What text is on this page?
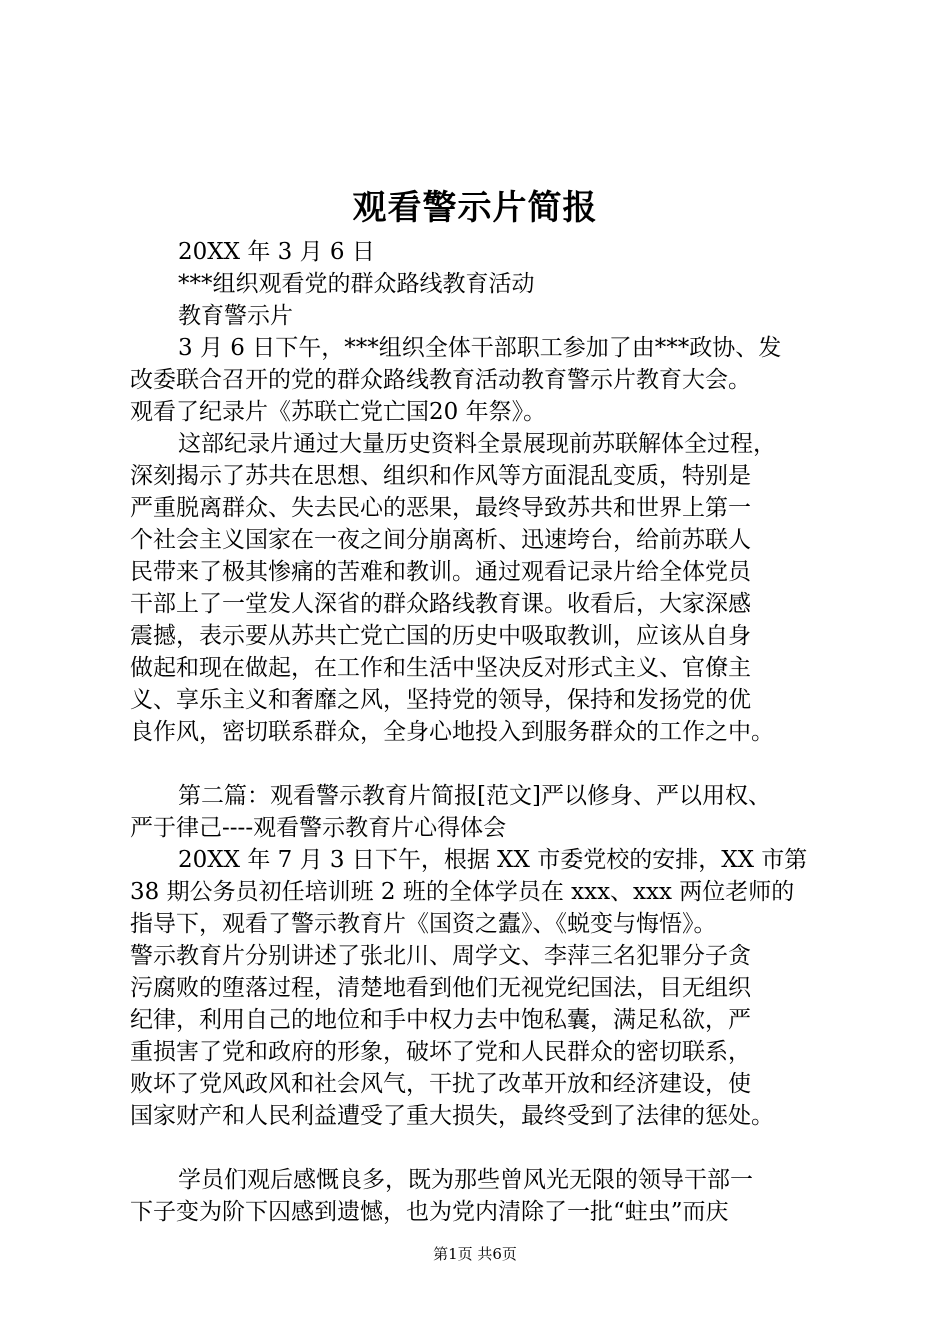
观看警示片简报
20XX 年 3 月 6 日
***组织观看党的群众路线教育活动
教育警示片
3 月 6 日下午，***组织全体干部职工参加了由***政协、发
改委联合召开的党的群众路线教育活动教育警示片教育大会。
观看了纪录片《苏联亡党亡国20 年祭》。
这部纪录片通过大量历史资料全景展现前苏联解体全过程，
深刻揭示了苏共在思想、组织和作风等方面混乱变质，特别是
严重脱离群众、失去民心的恶果，最终导致苏共和世界上第一
个社会主义国家在一夜之间分崩离析、迅速垮台，给前苏联人
民带来了极其惨痛的苦难和教训。通过观看记录片给全体党员
干部上了一堂发人深省的群众路线教育课。收看后，大家深感
震撼，表示要从苏共亡党亡国的历史中吸取教训，应该从自身
做起和现在做起，在工作和生活中坚决反对形式主义、官僚主
义、享乐主义和奢靡之风，坚持党的领导，保持和发扬党的优
良作风，密切联系群众，全身心地投入到服务群众的工作之中。
第二篇：观看警示教育片简报[范文]严以修身、严以用权、
严于律己----观看警示教育片心得体会
20XX 年 7 月 3 日下午，根据 XX 市委党校的安排，XX 市第
38 期公务员初任培训班 2 班的全体学员在 xxx、xxx 两位老师的
指导下，观看了警示教育片《国资之蠹》、《蜕变与悔悟》。
警示教育片分别讲述了张北川、周学文、李萍三名犯罪分子贪
污腐败的堕落过程，清楚地看到他们无视党纪国法，目无组织
纪律，利用自己的地位和手中权力去中饱私囊，满足私欲，严
重损害了党和政府的形象，破坏了党和人民群众的密切联系，
败坏了党风政风和社会风气，干扰了改革开放和经济建设，使
国家财产和人民利益遭受了重大损失，最终受到了法律的惩处。
学员们观后感慨良多，既为那些曾风光无限的领导干部一
下子变为阶下囚感到遗憾，也为党内清除了一批“蛀虫”而庆
第1页 共6页
